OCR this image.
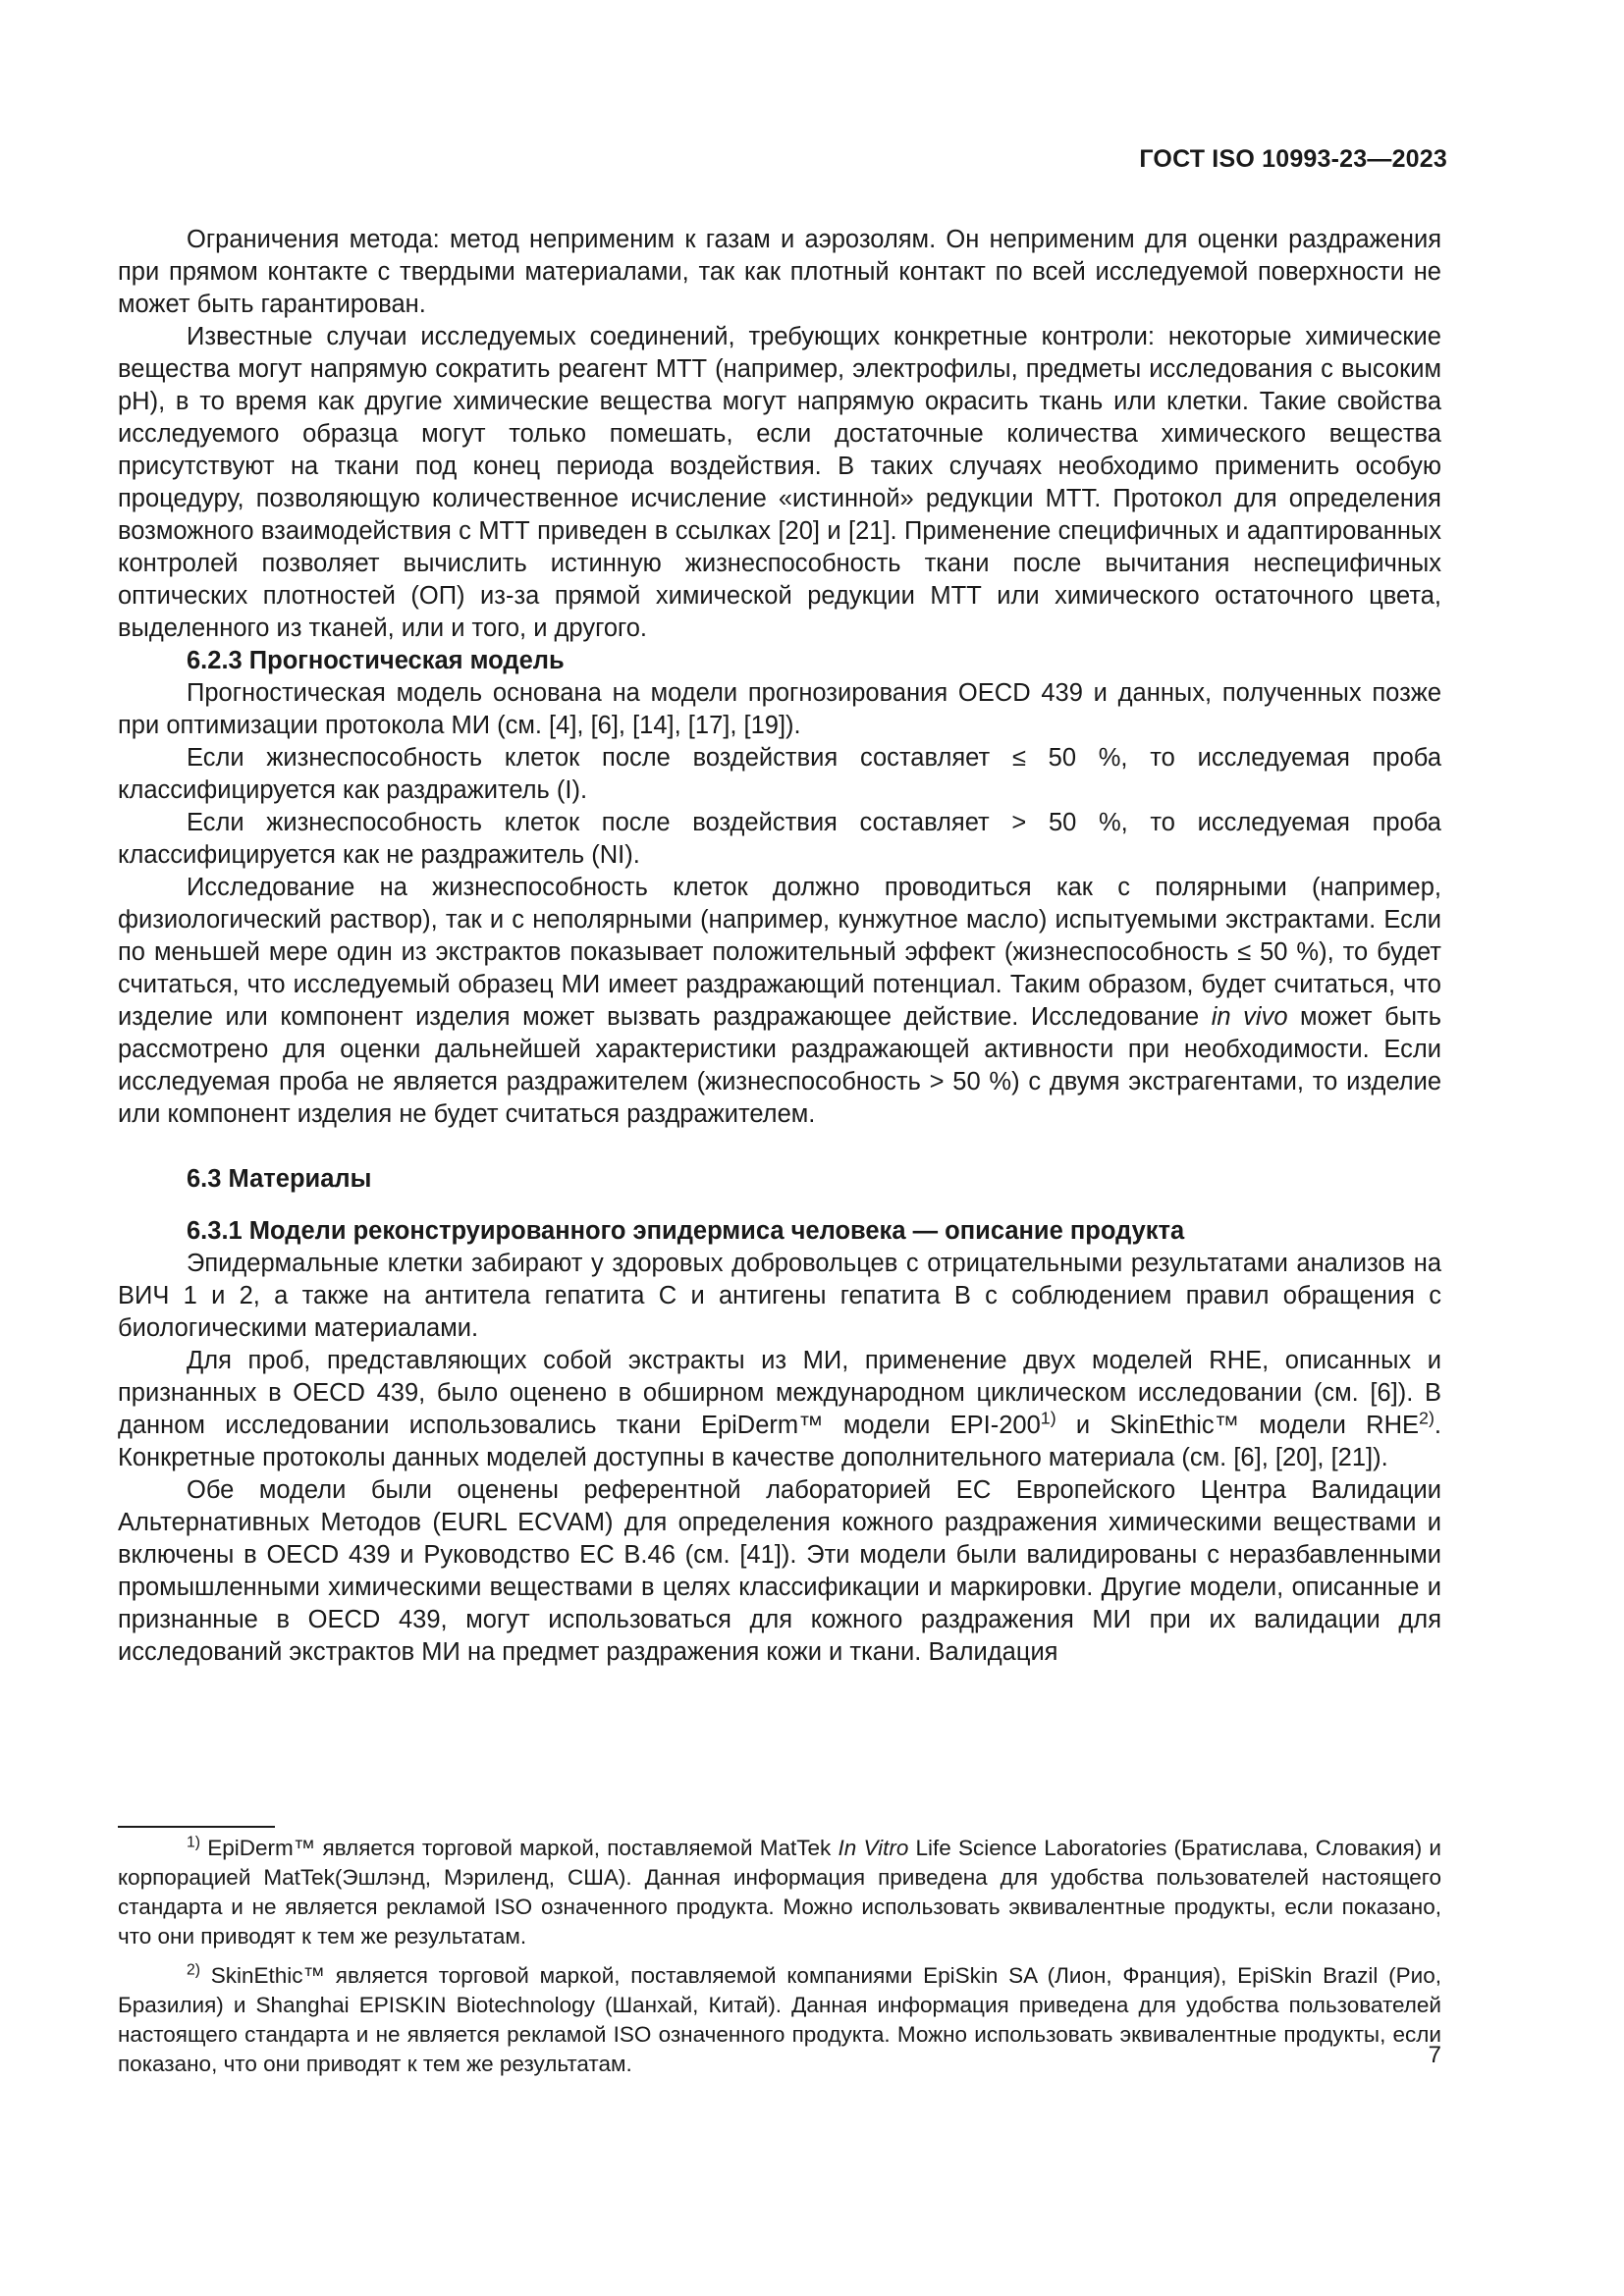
ГОСТ ISO 10993-23—2023

Ограничения метода: метод неприменим к газам и аэрозолям. Он неприменим для оценки раздражения при прямом контакте с твердыми материалами, так как плотный контакт по всей исследуемой поверхности не может быть гарантирован.

Известные случаи исследуемых соединений, требующих конкретные контроли: некоторые химические вещества могут напрямую сократить реагент МТТ (например, электрофилы, предметы исследования с высоким pH), в то время как другие химические вещества могут напрямую окрасить ткань или клетки. Такие свойства исследуемого образца могут только помешать, если достаточные количества химического вещества присутствуют на ткани под конец периода воздействия. В таких случаях необходимо применить особую процедуру, позволяющую количественное исчисление «истинной» редукции МТТ. Протокол для определения возможного взаимодействия с МТТ приведен в ссылках [20] и [21]. Применение специфичных и адаптированных контролей позволяет вычислить истинную жизнеспособность ткани после вычитания неспецифичных оптических плотностей (ОП) из-за прямой химической редукции МТТ или химического остаточного цвета, выделенного из тканей, или и того, и другого.

6.2.3 Прогностическая модель

Прогностическая модель основана на модели прогнозирования OECD 439 и данных, полученных позже при оптимизации протокола МИ (см. [4], [6], [14], [17], [19]).

Если жизнеспособность клеток после воздействия составляет ≤ 50 %, то исследуемая проба классифицируется как раздражитель (I).

Если жизнеспособность клеток после воздействия составляет > 50 %, то исследуемая проба классифицируется как не раздражитель (NI).

Исследование на жизнеспособность клеток должно проводиться как с полярными (например, физиологический раствор), так и с неполярными (например, кунжутное масло) испытуемыми экстрактами. Если по меньшей мере один из экстрактов показывает положительный эффект (жизнеспособность ≤ 50 %), то будет считаться, что исследуемый образец МИ имеет раздражающий потенциал. Таким образом, будет считаться, что изделие или компонент изделия может вызвать раздражающее действие. Исследование in vivo может быть рассмотрено для оценки дальнейшей характеристики раздражающей активности при необходимости. Если исследуемая проба не является раздражителем (жизнеспособность > 50 %) с двумя экстрагентами, то изделие или компонент изделия не будет считаться раздражителем.

6.3 Материалы

6.3.1 Модели реконструированного эпидермиса человека — описание продукта

Эпидермальные клетки забирают у здоровых добровольцев с отрицательными результатами анализов на ВИЧ 1 и 2, а также на антитела гепатита С и антигены гепатита В с соблюдением правил обращения с биологическими материалами.

Для проб, представляющих собой экстракты из МИ, применение двух моделей RHE, описанных и признанных в OECD 439, было оценено в обширном международном циклическом исследовании (см. [6]). В данном исследовании использовались ткани EpiDerm™ модели EPI-200$^{1)}$ и SkinEthic™ модели RHE$^{2)}$. Конкретные протоколы данных моделей доступны в качестве дополнительного материала (см. [6], [20], [21]).

Обе модели были оценены референтной лабораторией ЕС Европейского Центра Валидации Альтернативных Методов (EURL ECVAM) для определения кожного раздражения химическими веществами и включены в OECD 439 и Руководство ЕС В.46 (см. [41]). Эти модели были валидированы с неразбавленными промышленными химическими веществами в целях классификации и маркировки. Другие модели, описанные и признанные в OECD 439, могут использоваться для кожного раздражения МИ при их валидации для исследований экстрактов МИ на предмет раздражения кожи и ткани. Валидация

$^{1)}$ EpiDerm™ является торговой маркой, поставляемой MatTek In Vitro Life Science Laboratories (Братислава, Словакия) и корпорацией MatTek(Эшлэнд, Мэриленд, США). Данная информация приведена для удобства пользователей настоящего стандарта и не является рекламой ISO означенного продукта. Можно использовать эквивалентные продукты, если показано, что они приводят к тем же результатам.

$^{2)}$ SkinEthic™ является торговой маркой, поставляемой компаниями EpiSkin SA (Лион, Франция), EpiSkin Brazil (Рио, Бразилия) и Shanghai EPISKIN Biotechnology (Шанхай, Китай). Данная информация приведена для удобства пользователей настоящего стандарта и не является рекламой ISO означенного продукта. Можно использовать эквивалентные продукты, если показано, что они приводят к тем же результатам.	7
